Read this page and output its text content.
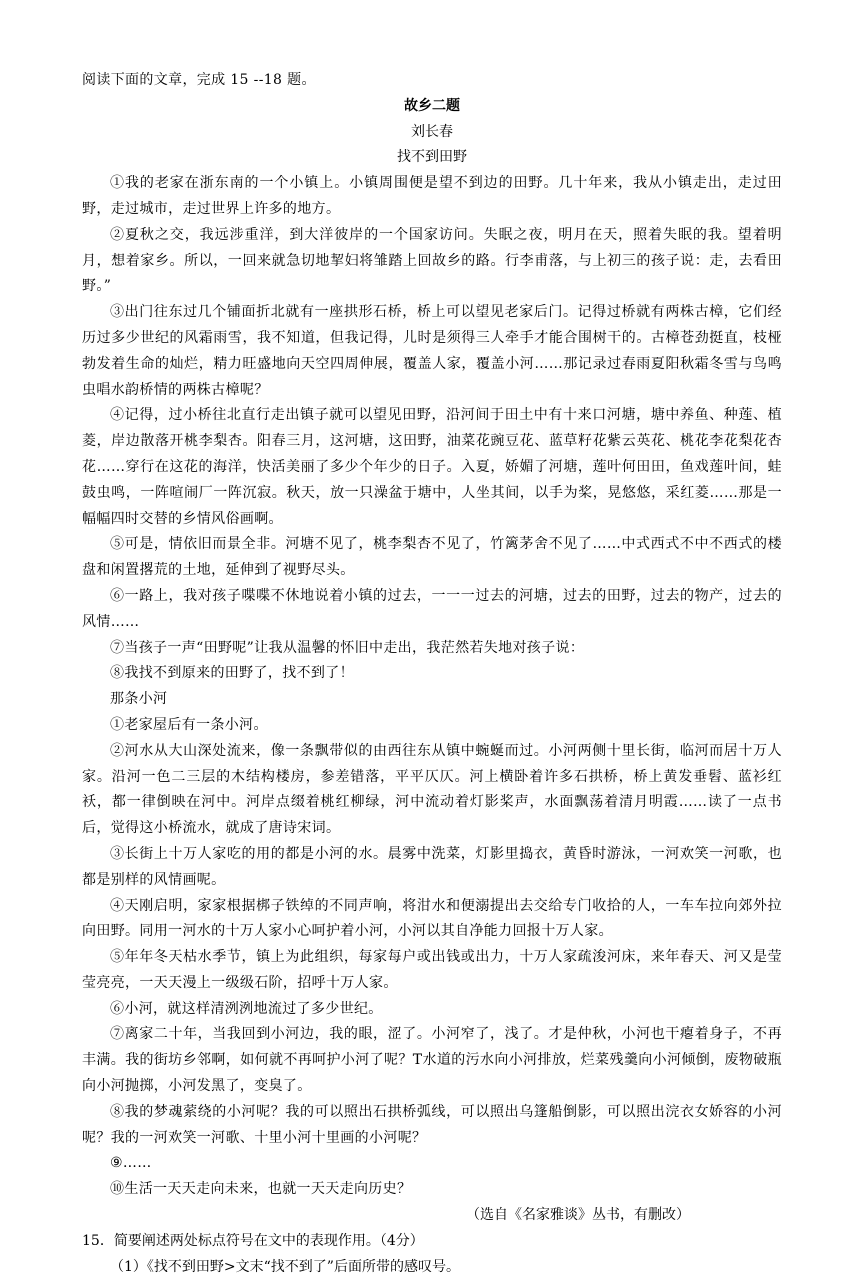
阅读下面的文章，完成 15 --18 题。
故乡二题
刘长春
找不到田野
①我的老家在浙东南的一个小镇上。小镇周围便是望不到边的田野。几十年来，我从小镇走出，走过田野，走过城市，走过世界上许多的地方。
②夏秋之交，我远涉重洋，到大洋彼岸的一个国家访问。失眠之夜，明月在天，照着失眠的我。望着明月，想着家乡。所以，一回来就急切地挈妇将雏踏上回故乡的路。行李甫落，与上初三的孩子说：走，去看田野。”
③出门往东过几个铺面折北就有一座拱形石桥，桥上可以望见老家后门。记得过桥就有两株古樟，它们经历过多少世纪的风霜雨雪，我不知道，但我记得，儿时是须得三人牵手才能合围树干的。古樟苍劲挺直，枝桠勃发着生命的灿烂，精力旺盛地向天空四周伸展，覆盖人家，覆盖小河……那记录过春雨夏阳秋霜冬雪与鸟鸣虫唱水韵桥情的两株古樟呢？
④记得，过小桥往北直行走出镇子就可以望见田野，沿河间于田土中有十来口河塘，塘中养鱼、种莲、植菱，岸边散落开桃李梨杏。阳春三月，这河塘，这田野，油菜花豌豆花、蓝草籽花紫云英花、桃花李花梨花杏花……穿行在这花的海洋，快活美丽了多少个年少的日子。入夏，娇媚了河塘，莲叶何田田，鱼戏莲叶间，蛙鼓虫鸣，一阵喧闹厂一阵沉寂。秋天，放一只澡盆于塘中，人坐其间，以手为桨，晃悠悠，采红菱……那是一幅幅四时交替的乡情风俗画啊。
⑤可是，情依旧而景全非。河塘不见了，桃李梨杏不见了，竹篱茅舍不见了……中式西式不中不西式的楼盘和闲置撂荒的土地，延伸到了视野尽头。
⑥一路上，我对孩子喋喋不休地说着小镇的过去，一一一过去的河塘，过去的田野，过去的物产，过去的风情……
⑦当孩子一声“田野呢”让我从温馨的怀旧中走出，我茫然若失地对孩子说：
⑧我找不到原来的田野了，找不到了！
那条小河
①老家屋后有一条小河。
②河水从大山深处流来，像一条飘带似的由西往东从镇中蜿蜒而过。小河两侧十里长街，临河而居十万人家。沿河一色二三层的木结构楼房，参差错落，平平仄仄。河上横卧着许多石拱桥，桥上黄发垂髫、蓝衫红袄，都一律倒映在河中。河岸点缀着桃红柳绿，河中流动着灯影桨声，水面飘荡着清月明霞……读了一点书后，觉得这小桥流水，就成了唐诗宋词。
③长街上十万人家吃的用的都是小河的水。晨雾中洗菜，灯影里捣衣，黄昏时游泳，一河欢笑一河歌，也都是别样的风情画呢。
④天刚启明，家家根据梆子铁绰的不同声响，将泔水和便溺提出去交给专门收拾的人，一车车拉向郊外拉向田野。同用一河水的十万人家小心呵护着小河，小河以其自净能力回报十万人家。
⑤年年冬天枯水季节，镇上为此组织，每家每户或出钱或出力，十万人家疏浚河床，来年春天、河又是莹莹亮亮，一天天漫上一级级石阶，招呼十万人家。
⑥小河，就这样清洌洌地流过了多少世纪。
⑦离家二十年，当我回到小河边，我的眼，涩了。小河窄了，浅了。才是仲秋，小河也干瘪着身子，不再丰满。我的街坊乡邻啊，如何就不再呵护小河了呢？T水道的污水向小河排放，烂菜残羹向小河倾倒，废物破瓶向小河抛掷，小河发黑了，变臭了。
⑧我的梦魂萦绕的小河呢？我的可以照出石拱桥弧线，可以照出乌篷船倒影，可以照出浣衣女娇容的小河呢？我的一河欢笑一河歌、十里小河十里画的小河呢？
⑨……
⑩生活一天天走向未来，也就一天天走向历史？
（选自《名家雅谈》丛书，有删改）
15．简要阐述两处标点符号在文中的表现作用。（4分）
（1）《找不到田野>文末“找不到了”后面所带的感叹号。
